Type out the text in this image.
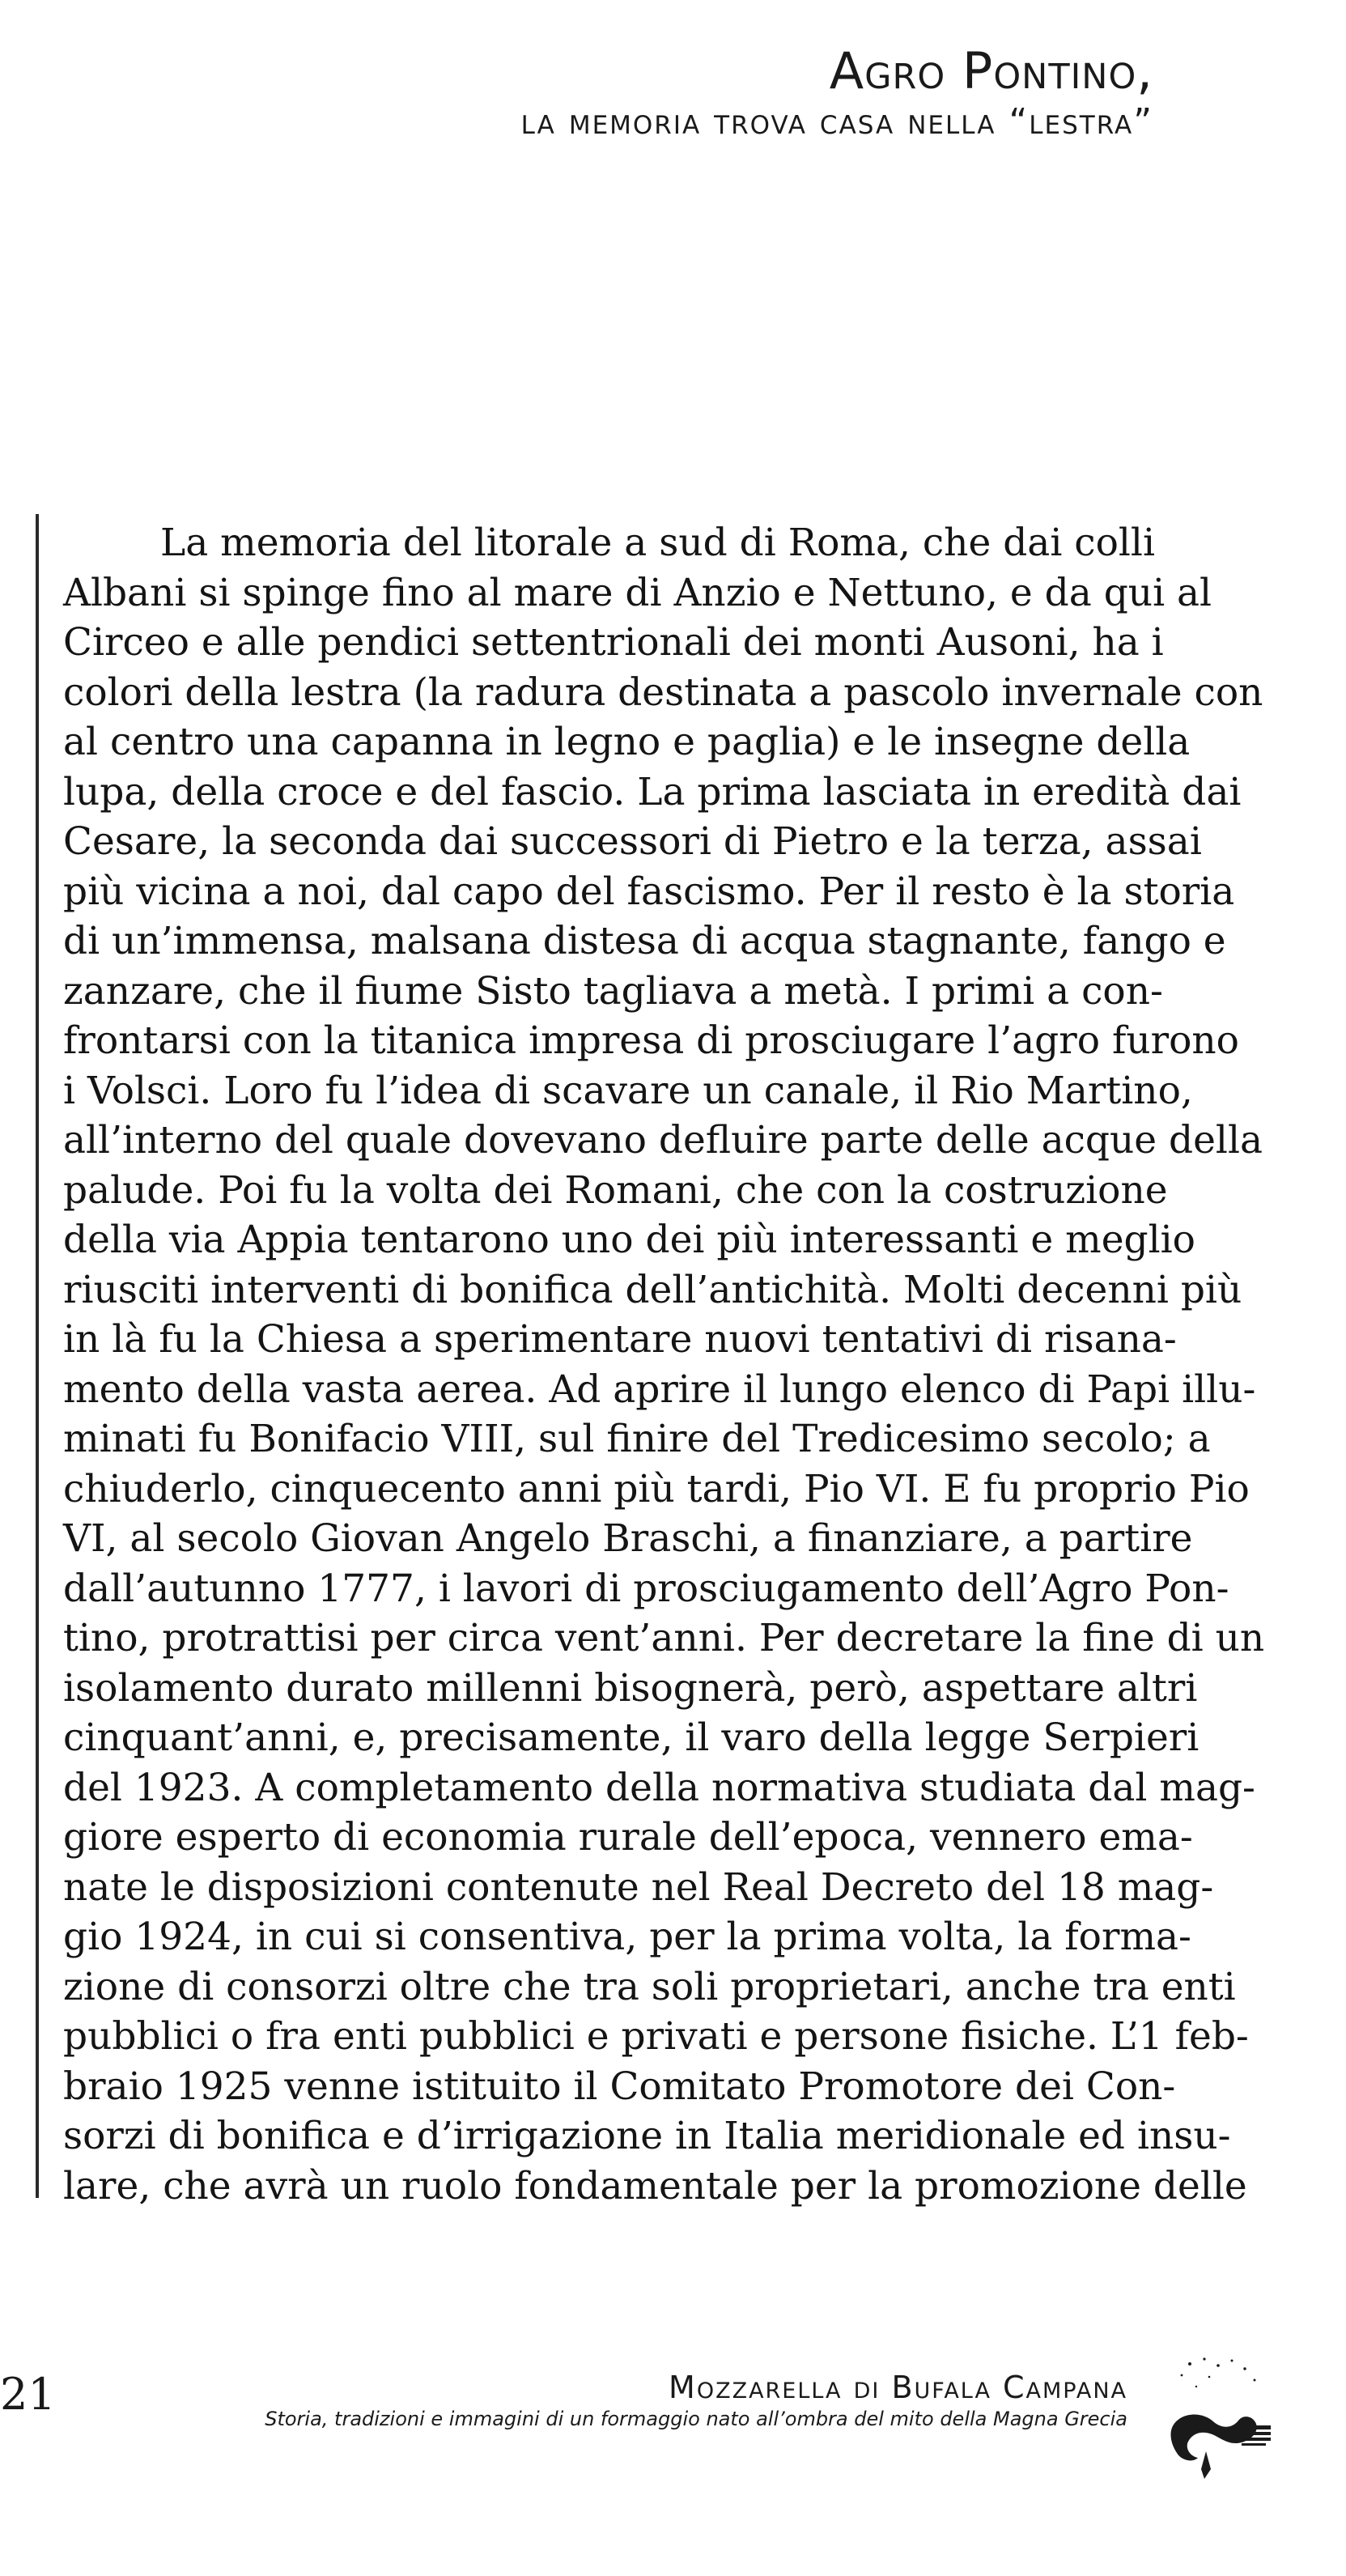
Agro Pontino,
la memoria trova casa nella “lestra”
La memoria del litorale a sud di Roma, che dai colli
Albani si spinge fino al mare di Anzio e Nettuno, e da qui al
Circeo e alle pendici settentrionali dei monti Ausoni, ha i
colori della lestra (la radura destinata a pascolo invernale con
al centro una capanna in legno e paglia) e le insegne della
lupa, della croce e del fascio. La prima lasciata in eredità dai
Cesare, la seconda dai successori di Pietro e la terza, assai
più vicina a noi, dal capo del fascismo. Per il resto è la storia
di un’immensa, malsana distesa di acqua stagnante, fango e
zanzare, che il fiume Sisto tagliava a metà. I primi a con-
frontarsi con la titanica impresa di prosciugare l’agro furono
i Volsci. Loro fu l’idea di scavare un canale, il Rio Martino,
all’interno del quale dovevano defluire parte delle acque della
palude. Poi fu la volta dei Romani, che con la costruzione
della via Appia tentarono uno dei più interessanti e meglio
riusciti interventi di bonifica dell’antichità. Molti decenni più
in là fu la Chiesa a sperimentare nuovi tentativi di risana-
mento della vasta aerea. Ad aprire il lungo elenco di Papi illu-
minati fu Bonifacio VIII, sul finire del Tredicesimo secolo; a
chiuderlo, cinquecento anni più tardi, Pio VI. E fu proprio Pio
VI, al secolo Giovan Angelo Braschi, a finanziare, a partire
dall’autunno 1777, i lavori di prosciugamento dell’Agro Pon-
tino, protrattisi per circa vent’anni. Per decretare la fine di un
isolamento durato millenni bisognerà, però, aspettare altri
cinquant’anni, e, precisamente, il varo della legge Serpieri
del 1923. A completamento della normativa studiata dal mag-
giore esperto di economia rurale dell’epoca, vennero ema-
nate le disposizioni contenute nel Real Decreto del 18 mag-
gio 1924, in cui si consentiva, per la prima volta, la forma-
zione di consorzi oltre che tra soli proprietari, anche tra enti
pubblici o fra enti pubblici e privati e persone fisiche. L’1 feb-
braio 1925 venne istituito il Comitato Promotore dei Con-
sorzi di bonifica e d’irrigazione in Italia meridionale ed insu-
lare, che avrà un ruolo fondamentale per la promozione delle
21	Mozzarella di Bufala Campana
Storia, tradizioni e immagini di un formaggio nato all’ombra del mito della Magna Grecia
